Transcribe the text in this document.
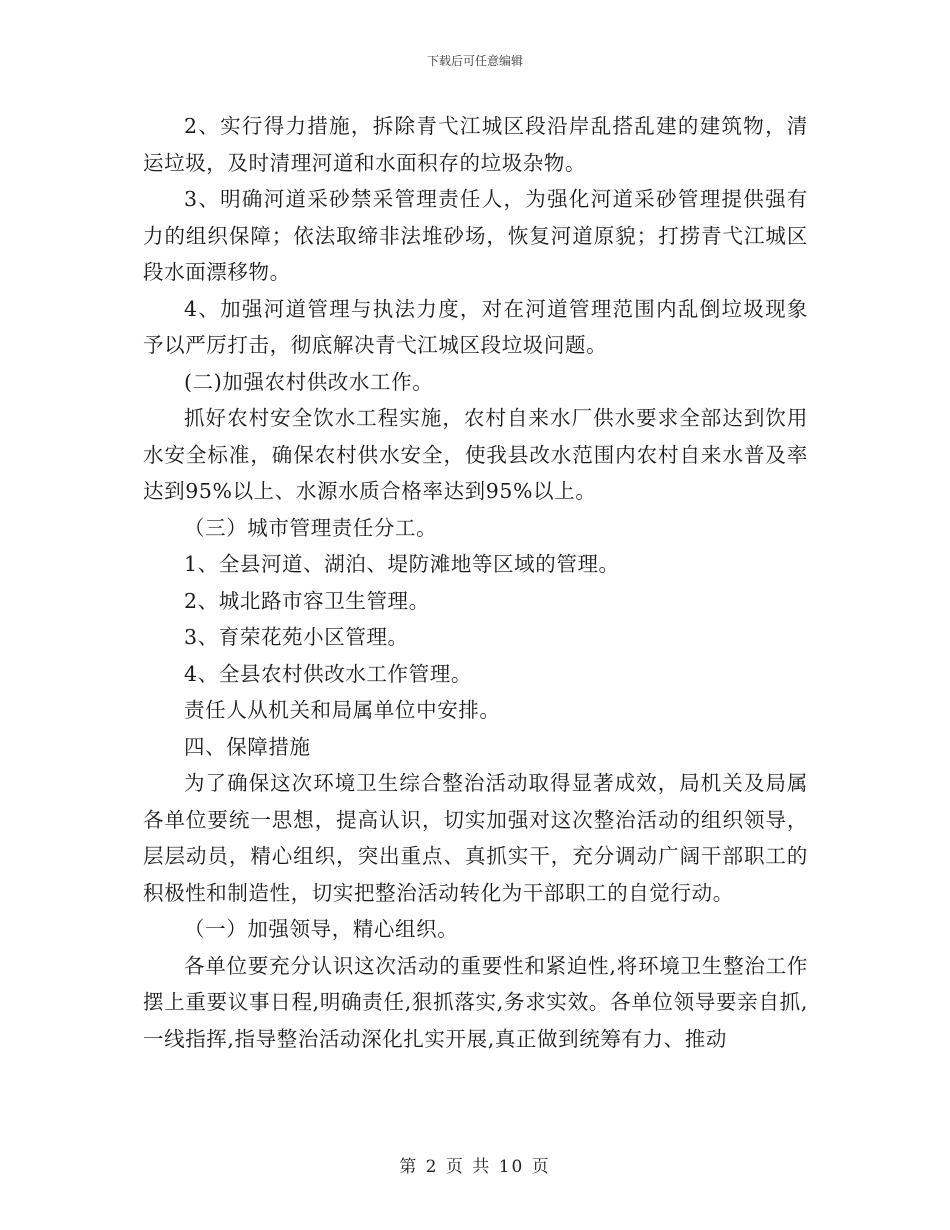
下载后可任意编辑

2、实行得力措施，拆除青弋江城区段沿岸乱搭乱建的建筑物，清运垃圾，及时清理河道和水面积存的垃圾杂物。

3、明确河道采砂禁采管理责任人，为强化河道采砂管理提供强有力的组织保障；依法取缔非法堆砂场，恢复河道原貌；打捞青弋江城区段水面漂移物。

4、加强河道管理与执法力度，对在河道管理范围内乱倒垃圾现象予以严厉打击，彻底解决青弋江城区段垃圾问题。

(二)加强农村供改水工作。

抓好农村安全饮水工程实施，农村自来水厂供水要求全部达到饮用水安全标准，确保农村供水安全，使我县改水范围内农村自来水普及率达到95%以上、水源水质合格率达到95%以上。

（三）城市管理责任分工。

1、全县河道、湖泊、堤防滩地等区域的管理。

2、城北路市容卫生管理。

3、育荣花苑小区管理。

4、全县农村供改水工作管理。

责任人从机关和局属单位中安排。

四、保障措施

为了确保这次环境卫生综合整治活动取得显著成效，局机关及局属各单位要统一思想，提高认识，切实加强对这次整治活动的组织领导，层层动员，精心组织，突出重点、真抓实干，充分调动广阔干部职工的积极性和制造性，切实把整治活动转化为干部职工的自觉行动。

（一）加强领导，精心组织。

各单位要充分认识这次活动的重要性和紧迫性,将环境卫生整治工作摆上重要议事日程,明确责任,狠抓落实,务求实效。各单位领导要亲自抓,一线指挥,指导整治活动深化扎实开展,真正做到统筹有力、推动

第 2 页 共 10 页
